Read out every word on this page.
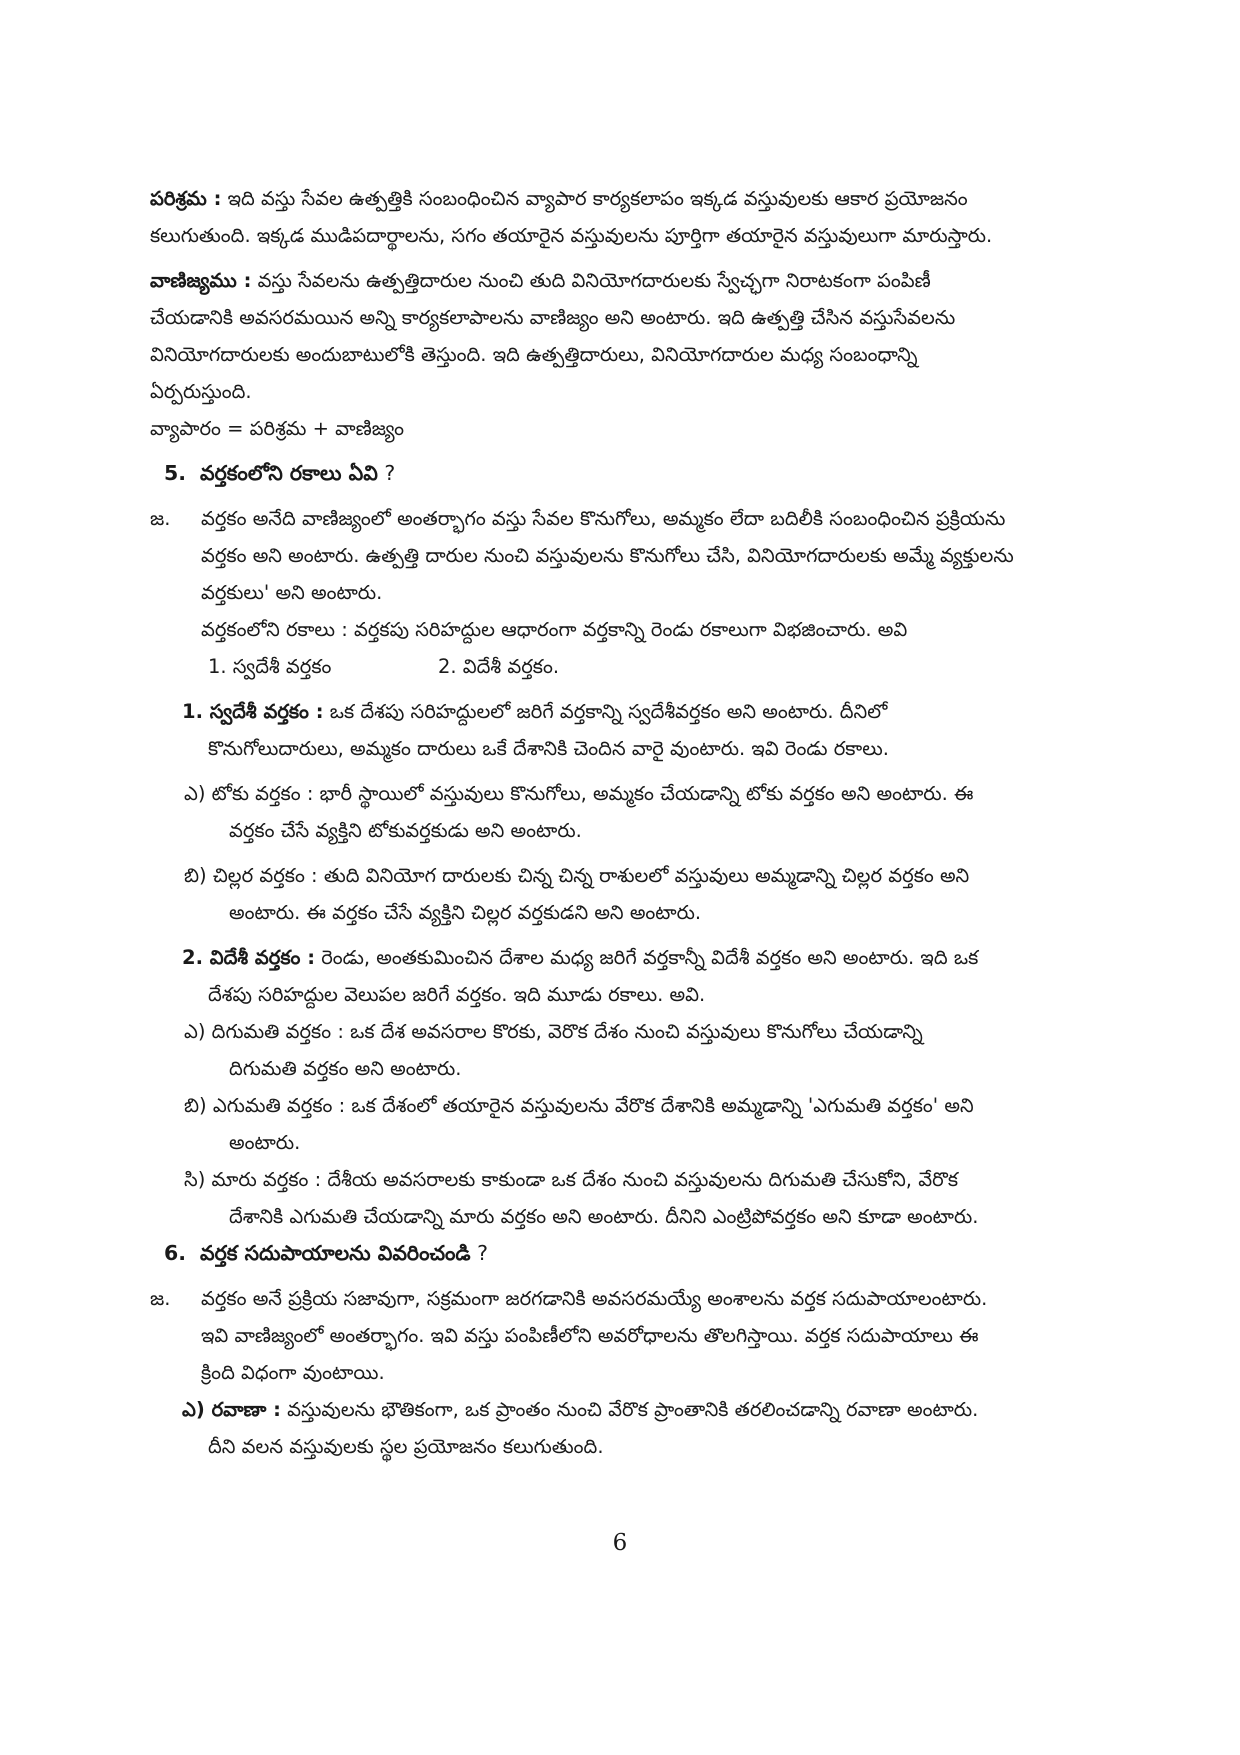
పరిశ్రమ : ఇది వస్తు సేవల ఉత్పత్తికి సంబంధించిన వ్యాపార కార్యకలాపం ఇక్కడ వస్తువులకు ఆకార ప్రయోజనం
కలుగుతుంది. ఇక్కడ ముడిపదార్థాలను, సగం తయారైన వస్తువులను పూర్తిగా తయారైన వస్తువులుగా మారుస్తారు.
వాణిజ్యము : వస్తు సేవలను ఉత్పత్తిదారుల నుంచి తుది వినియోగదారులకు స్వేచ్ఛగా నిరాటకంగా పంపిణీ
చేయడానికి అవసరమయిన అన్ని కార్యకలాపాలను వాణిజ్యం అని అంటారు. ఇది ఉత్పత్తి చేసిన వస్తుసేవలను
వినియోగదారులకు అందుబాటులోకి తెస్తుంది. ఇది ఉత్పత్తిదారులు, వినియోగదారుల మధ్య సంబంధాన్ని
ఏర్పరుస్తుంది.
వ్యాపారం = పరిశ్రమ + వాణిజ్యం
5. వర్తకంలోని రకాలు ఏవి ?
జ.	వర్తకం అనేది వాణిజ్యంలో అంతర్భాగం వస్తు సేవల కొనుగోలు, అమ్మకం లేదా బదిలీకి సంబంధించిన ప్రక్రియను
వర్తకం అని అంటారు. ఉత్పత్తి దారుల నుంచి వస్తువులను కొనుగోలు చేసి, వినియోగదారులకు అమ్మే వ్యక్తులను
వర్తకులు' అని అంటారు.
వర్తకంలోని రకాలు : వర్తకపు సరిహద్దుల ఆధారంగా వర్తకాన్ని రెండు రకాలుగా విభజించారు. అవి
1. స్వదేశీ వర్తకం	2. విదేశీ వర్తకం.
1. స్వదేశీ వర్తకం : ఒక దేశపు సరిహద్దులలో జరిగే వర్తకాన్ని స్వదేశీవర్తకం అని అంటారు. దీనిలో
కొనుగోలుదారులు, అమ్మకం దారులు ఒకే దేశానికి చెందిన వారై వుంటారు. ఇవి రెండు రకాలు.
ఎ) టోకు వర్తకం : భారీ స్థాయిలో వస్తువులు కొనుగోలు, అమ్మకం చేయడాన్ని టోకు వర్తకం అని అంటారు. ఈ
వర్తకం చేసే వ్యక్తిని టోకువర్తకుడు అని అంటారు.
బి) చిల్లర వర్తకం : తుది వినియోగ దారులకు చిన్న చిన్న రాశులలో వస్తువులు అమ్మడాన్ని చిల్లర వర్తకం అని
అంటారు. ఈ వర్తకం చేసే వ్యక్తిని చిల్లర వర్తకుడని అని అంటారు.
2. విదేశీ వర్తకం : రెండు, అంతకుమించిన దేశాల మధ్య జరిగే వర్తకాన్నీ విదేశీ వర్తకం అని అంటారు. ఇది ఒక
దేశపు సరిహద్దుల వెలుపల జరిగే వర్తకం. ఇది మూడు రకాలు. అవి.
ఎ) దిగుమతి వర్తకం : ఒక దేశ అవసరాల కొరకు, వెరొక దేశం నుంచి వస్తువులు కొనుగోలు చేయడాన్ని
దిగుమతి వర్తకం అని అంటారు.
బి) ఎగుమతి వర్తకం : ఒక దేశంలో తయారైన వస్తువులను వేరొక దేశానికి అమ్మడాన్ని 'ఎగుమతి వర్తకం' అని
అంటారు.
సి) మారు వర్తకం : దేశీయ అవసరాలకు కాకుండా ఒక దేశం నుంచి వస్తువులను దిగుమతి చేసుకోని, వేరొక
దేశానికి ఎగుమతి చేయడాన్ని మారు వర్తకం అని అంటారు. దీనిని ఎంట్రిపోవర్తకం అని కూడా అంటారు.
6. వర్తక సదుపాయాలను వివరించండి ?
జ.	వర్తకం అనే ప్రక్రియ సజావుగా, సక్రమంగా జరగడానికి అవసరమయ్యే అంశాలను వర్తక సదుపాయాలంటారు.
ఇవి వాణిజ్యంలో అంతర్భాగం. ఇవి వస్తు పంపిణీలోని అవరోధాలను తొలగిస్తాయి. వర్తక సదుపాయాలు ఈ
క్రింది విధంగా వుంటాయి.
ఎ) రవాణా : వస్తువులను భౌతికంగా, ఒక ప్రాంతం నుంచి వేరొక ప్రాంతానికి తరలించడాన్ని రవాణా అంటారు.
దీని వలన వస్తువులకు స్థల ప్రయోజనం కలుగుతుంది.
6
